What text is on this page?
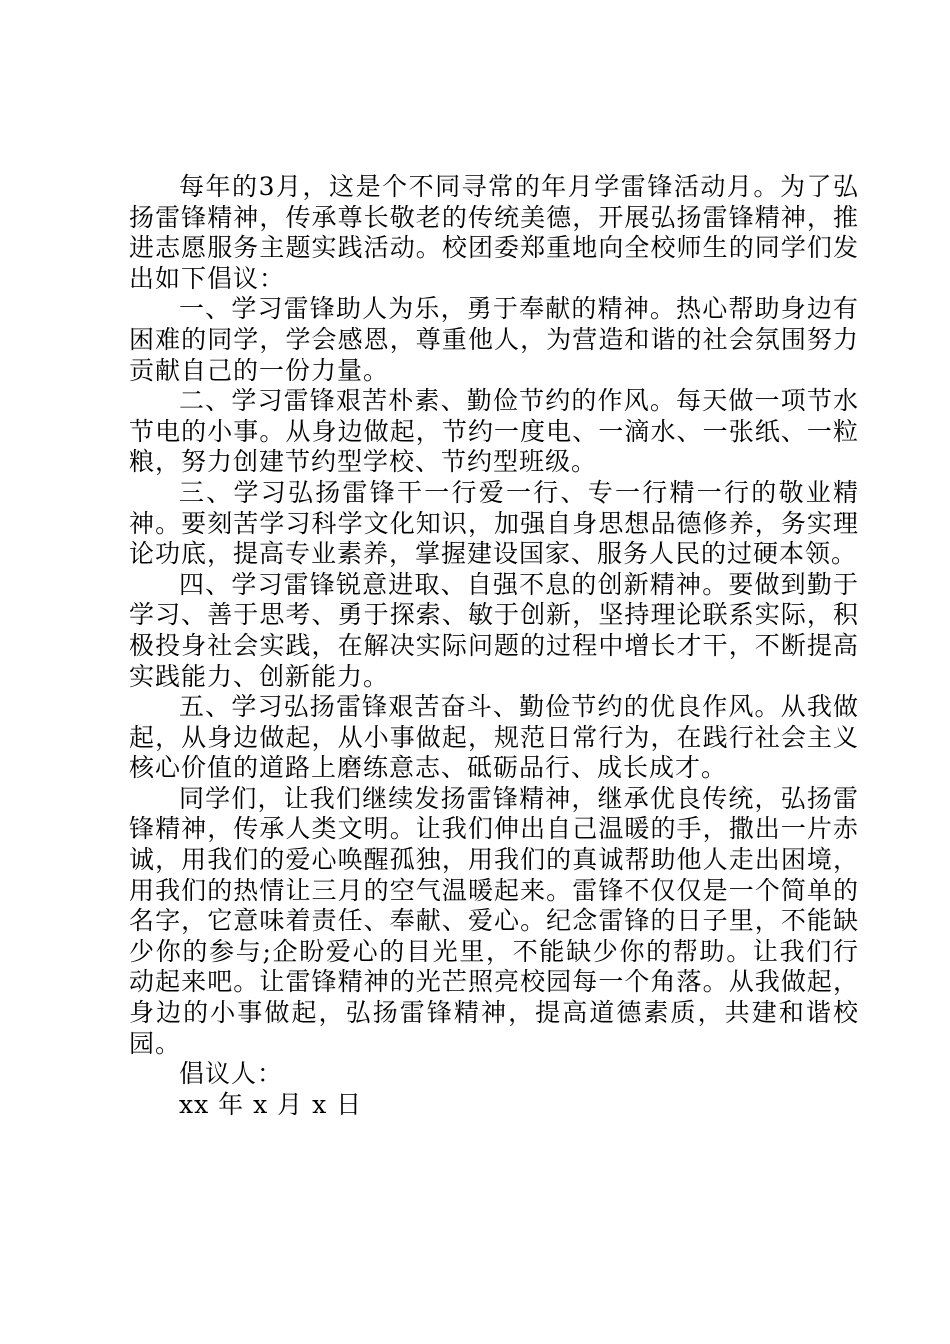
每年的3月，这是个不同寻常的年月学雷锋活动月。为了弘扬雷锋精神，传承尊长敬老的传统美德，开展弘扬雷锋精神，推进志愿服务主题实践活动。校团委郑重地向全校师生的同学们发出如下倡议：

一、学习雷锋助人为乐，勇于奉献的精神。热心帮助身边有困难的同学，学会感恩，尊重他人，为营造和谐的社会氛围努力贡献自己的一份力量。

二、学习雷锋艰苦朴素、勤俭节约的作风。每天做一项节水节电的小事。从身边做起，节约一度电、一滴水、一张纸、一粒粮，努力创建节约型学校、节约型班级。

三、学习弘扬雷锋干一行爱一行、专一行精一行的敬业精神。要刻苦学习科学文化知识，加强自身思想品德修养，务实理论功底，提高专业素养，掌握建设国家、服务人民的过硬本领。

四、学习雷锋锐意进取、自强不息的创新精神。要做到勤于学习、善于思考、勇于探索、敏于创新，坚持理论联系实际，积极投身社会实践，在解决实际问题的过程中增长才干，不断提高实践能力、创新能力。

五、学习弘扬雷锋艰苦奋斗、勤俭节约的优良作风。从我做起，从身边做起，从小事做起，规范日常行为，在践行社会主义核心价值的道路上磨练意志、砥砺品行、成长成才。

同学们，让我们继续发扬雷锋精神，继承优良传统，弘扬雷锋精神，传承人类文明。让我们伸出自己温暖的手，撒出一片赤诚，用我们的爱心唤醒孤独，用我们的真诚帮助他人走出困境，用我们的热情让三月的空气温暖起来。雷锋不仅仅是一个简单的名字，它意味着责任、奉献、爱心。纪念雷锋的日子里，不能缺少你的参与;企盼爱心的目光里，不能缺少你的帮助。让我们行动起来吧。让雷锋精神的光芒照亮校园每一个角落。从我做起，身边的小事做起，弘扬雷锋精神，提高道德素质，共建和谐校园。

倡议人：

xx 年 x 月 x 日
